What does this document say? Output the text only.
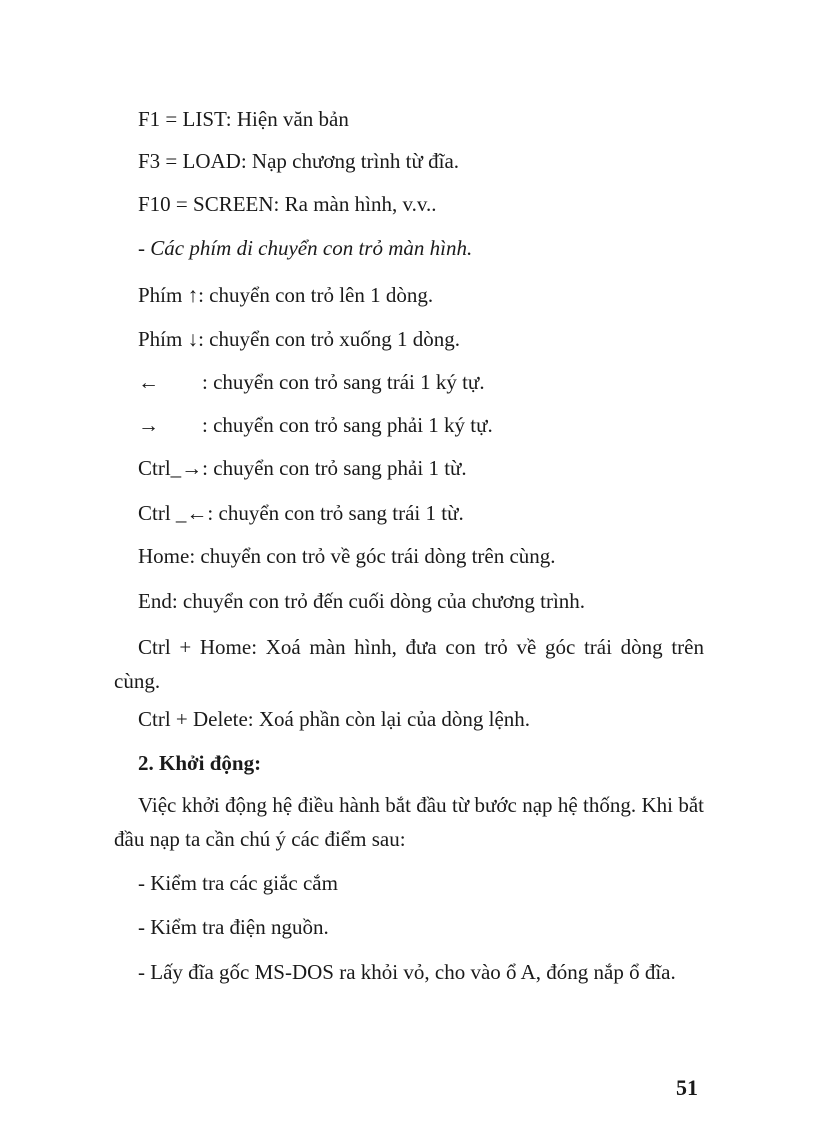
F1 = LIST: Hiện văn bản
F3 = LOAD: Nạp chương trình từ đĩa.
F10 = SCREEN: Ra màn hình, v.v..
- Các phím di chuyển con trỏ màn hình.
Phím ↑: chuyển con trỏ lên 1 dòng.
Phím ↓: chuyển con trỏ xuống 1 dòng.
← : chuyển con trỏ sang trái 1 ký tự.
→ : chuyển con trỏ sang phải 1 ký tự.
Ctrl_→: chuyển con trỏ sang phải 1 từ.
Ctrl _←: chuyển con trỏ sang trái 1 từ.
Home: chuyển con trỏ về góc trái dòng trên cùng.
End: chuyển con trỏ đến cuối dòng của chương trình.
Ctrl + Home: Xoá màn hình, đưa con trỏ về góc trái dòng trên cùng.
Ctrl + Delete: Xoá phần còn lại của dòng lệnh.
2. Khởi động:
Việc khởi động hệ điều hành bắt đầu từ bước nạp hệ thống. Khi bắt đầu nạp ta cần chú ý các điểm sau:
- Kiểm tra các giắc cắm
- Kiểm tra điện nguồn.
- Lấy đĩa gốc MS-DOS ra khỏi vỏ, cho vào ổ A, đóng nắp ổ đĩa.
51
